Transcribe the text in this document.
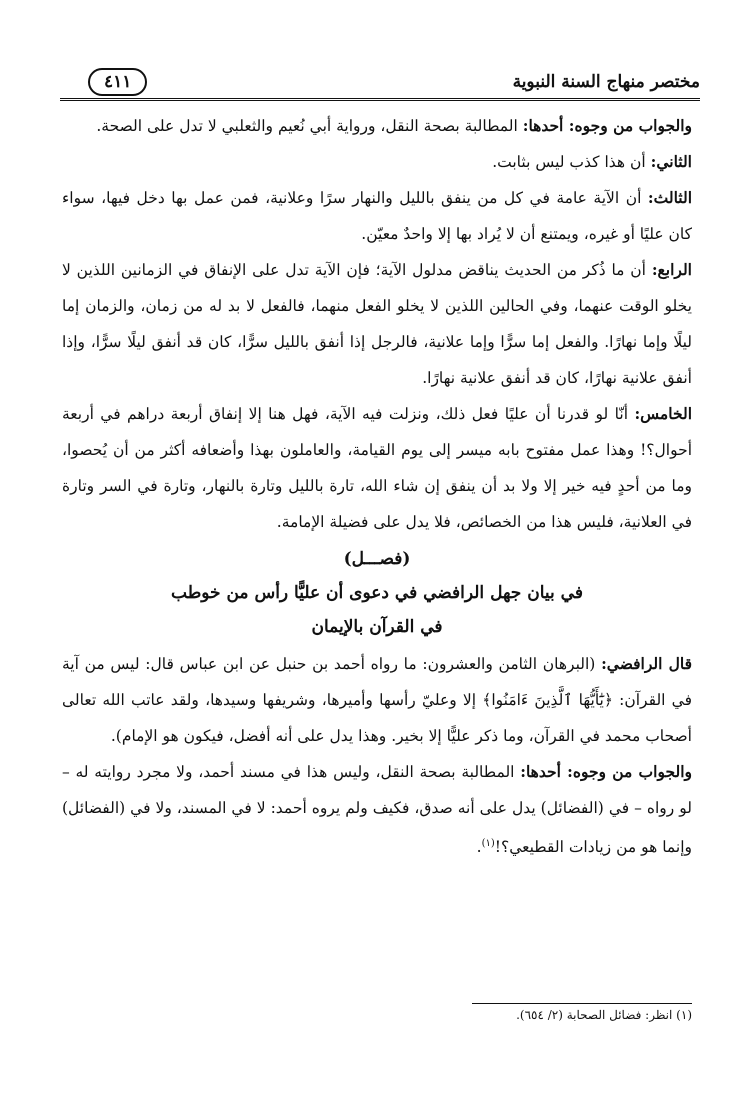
مختصر منهاج السنة النبوية
٤١١

والجواب من وجوه: أحدها: المطالبة بصحة النقل، ورواية أبي نُعيم والثعلبي لا تدل على الصحة.

الثاني: أن هذا كذب ليس بثابت.

الثالث: أن الآية عامة في كل من ينفق بالليل والنهار سرًا وعلانية، فمن عمل بها دخل فيها، سواء كان عليًا أو غيره، ويمتنع أن لا يُراد بها إلا واحدٌ معيّن.

الرابع: أن ما ذُكر من الحديث يناقض مدلول الآية؛ فإن الآية تدل على الإنفاق في الزمانين اللذين لا يخلو الوقت عنهما، وفي الحالين اللذين لا يخلو الفعل منهما، فالفعل لا بد له من زمان، والزمان إما ليلًا وإما نهارًا. والفعل إما سرًّا وإما علانية، فالرجل إذا أنفق بالليل سرًّا، كان قد أنفق ليلًا سرًّا، وإذا أنفق علانية نهارًا، كان قد أنفق علانية نهارًا.

الخامس: أنّا لو قدرنا أن عليًا فعل ذلك، ونزلت فيه الآية، فهل هنا إلا إنفاق أربعة دراهم في أربعة أحوال؟! وهذا عمل مفتوح بابه ميسر إلى يوم القيامة، والعاملون بهذا وأضعافه أكثر من أن يُحصوا، وما من أحدٍ فيه خير إلا ولا بد أن ينفق إن شاء الله، تارة بالليل وتارة بالنهار، وتارة في السر وتارة في العلانية، فليس هذا من الخصائص، فلا يدل على فضيلة الإمامة.

(فصـــل)
في بيان جهل الرافضي في دعوى أن عليًّا رأس من خوطب
في القرآن بالإيمان

قال الرافضي: (البرهان الثامن والعشرون: ما رواه أحمد بن حنبل عن ابن عباس قال: ليس من آية في القرآن: ﴿يَٰٓأَيُّهَا ٱلَّذِينَ ءَامَنُوا﴾ إلا وعليّ رأسها وأميرها، وشريفها وسيدها، ولقد عاتب الله تعالى أصحاب محمد في القرآن، وما ذكر عليًّا إلا بخير. وهذا يدل على أنه أفضل، فيكون هو الإمام).

والجواب من وجوه: أحدها: المطالبة بصحة النقل، وليس هذا في مسند أحمد، ولا مجرد روايته له – لو رواه – في (الفضائل) يدل على أنه صدق، فكيف ولم يروه أحمد: لا في المسند، ولا في (الفضائل) وإنما هو من زيادات القطيعي؟!$^{(١)}$.

(١) انظر: فضائل الصحابة (٢/ ٦٥٤).
